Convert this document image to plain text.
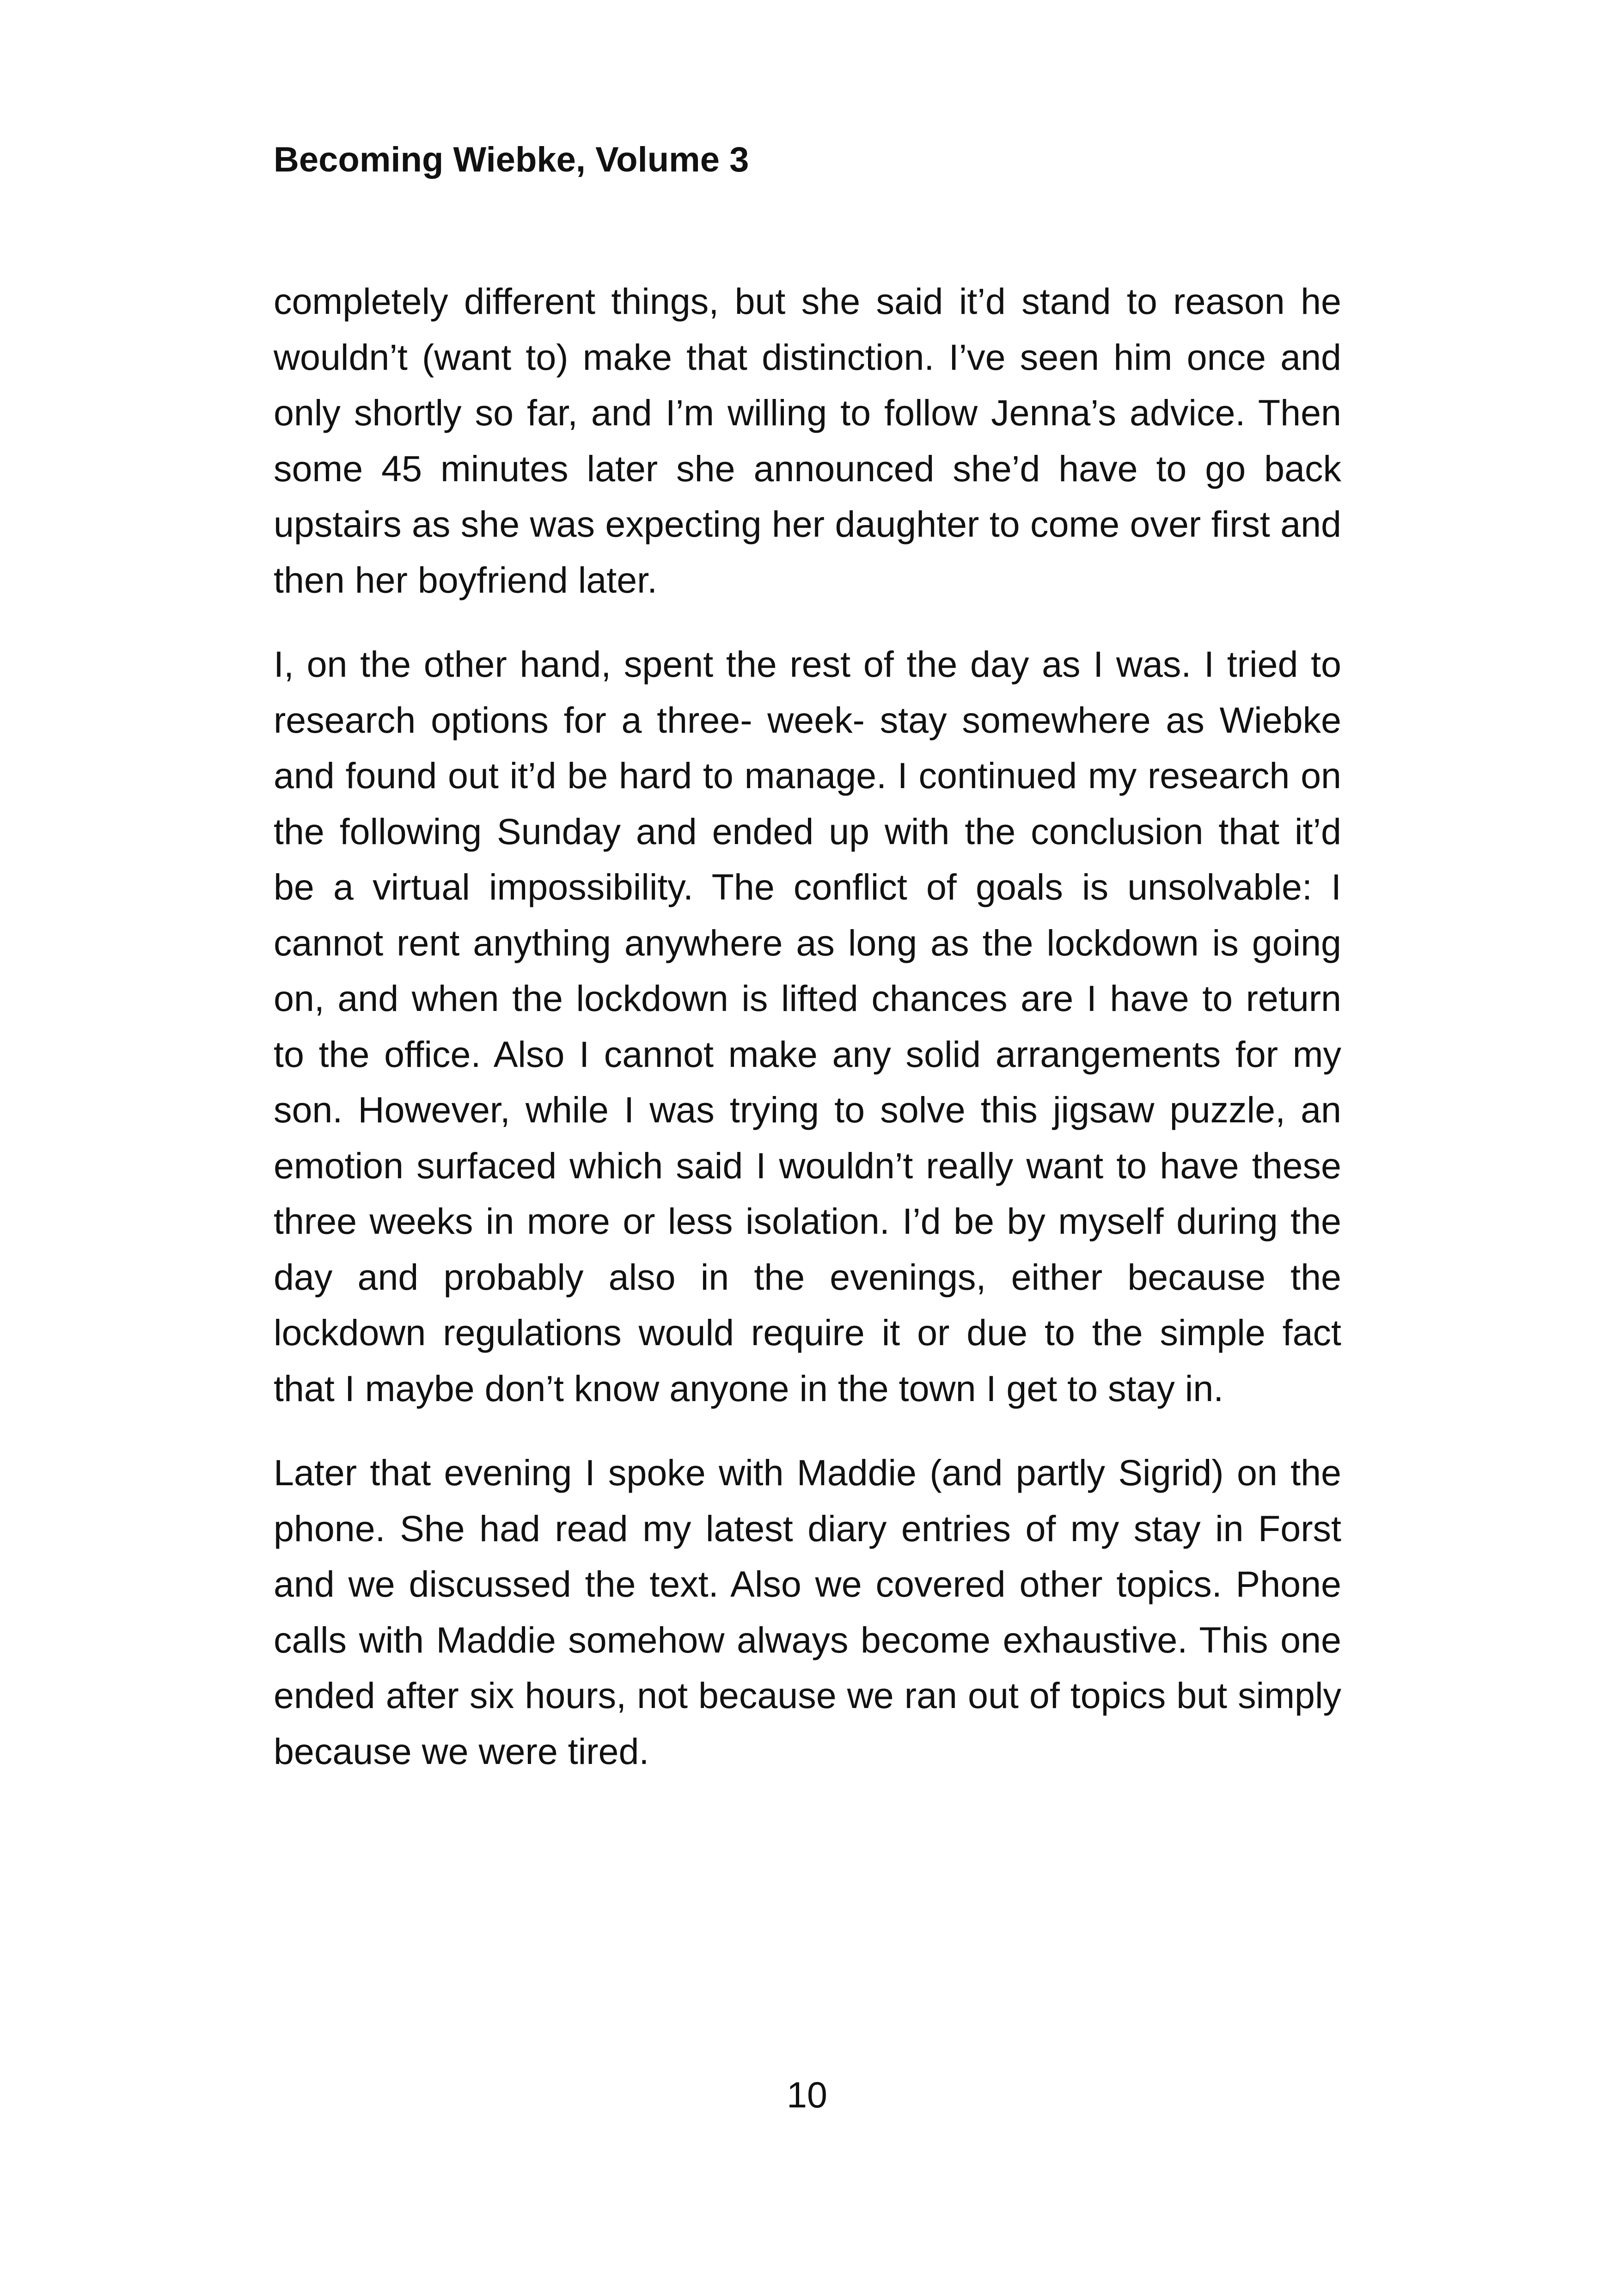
Becoming Wiebke, Volume 3

completely different things, but she said it’d stand to reason he wouldn’t (want to) make that distinction. I’ve seen him once and only shortly so far, and I’m willing to follow Jenna’s advice. Then some 45 minutes later she announced she’d have to go back upstairs as she was expecting her daughter to come over first and then her boyfriend later.

I, on the other hand, spent the rest of the day as I was. I tried to research options for a three- week- stay somewhere as Wiebke and found out it’d be hard to manage. I continued my research on the following Sunday and ended up with the conclusion that it’d be a virtual impossibility. The conflict of goals is unsolvable: I cannot rent anything anywhere as long as the lockdown is going on, and when the lockdown is lifted chances are I have to return to the office. Also I cannot make any solid arrangements for my son. However, while I was trying to solve this jigsaw puzzle, an emotion surfaced which said I wouldn’t really want to have these three weeks in more or less isolation. I’d be by myself during the day and probably also in the evenings, either because the lockdown regulations would require it or due to the simple fact that I maybe don’t know anyone in the town I get to stay in.

Later that evening I spoke with Maddie (and partly Sigrid) on the phone. She had read my latest diary entries of my stay in Forst and we discussed the text. Also we covered other topics. Phone calls with Maddie somehow always become exhaustive. This one ended after six hours, not because we ran out of topics but simply because we were tired.

10
